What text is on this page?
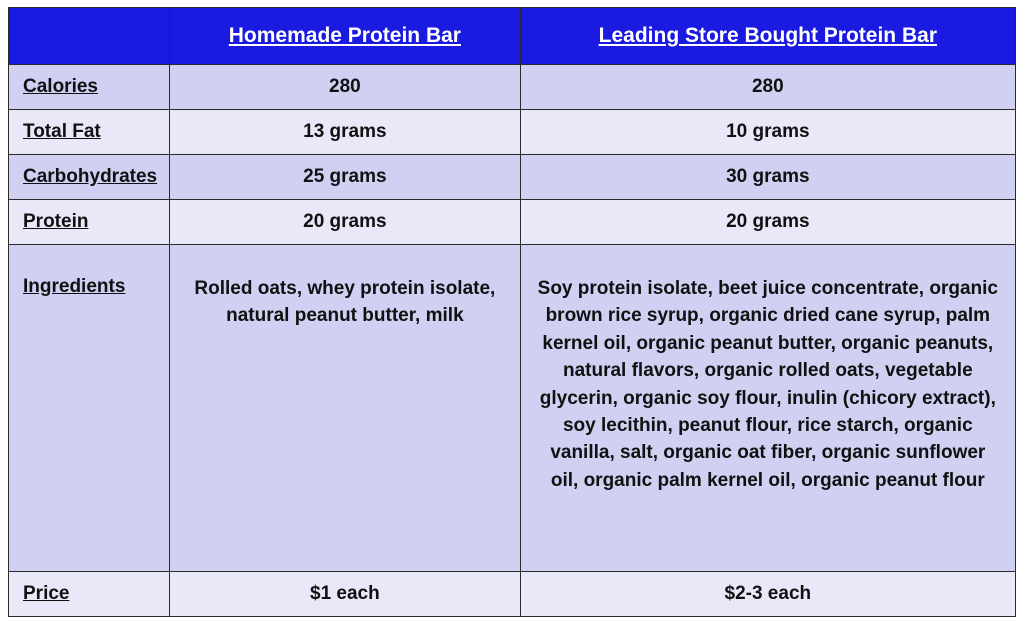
	Homemade Protein Bar	Leading Store Bought Protein Bar
Calories	280	280
Total Fat	13 grams	10 grams
Carbohydrates	25 grams	30 grams
Protein	20 grams	20 grams
Ingredients	Rolled oats, whey protein isolate, natural peanut butter, milk	Soy protein isolate, beet juice concentrate, organic brown rice syrup, organic dried cane syrup, palm kernel oil, organic peanut butter, organic peanuts, natural flavors, organic rolled oats, vegetable glycerin, organic soy flour, inulin (chicory extract), soy lecithin, peanut flour, rice starch, organic vanilla, salt, organic oat fiber, organic sunflower oil, organic palm kernel oil, organic peanut flour
Price	$1 each	$2-3 each
